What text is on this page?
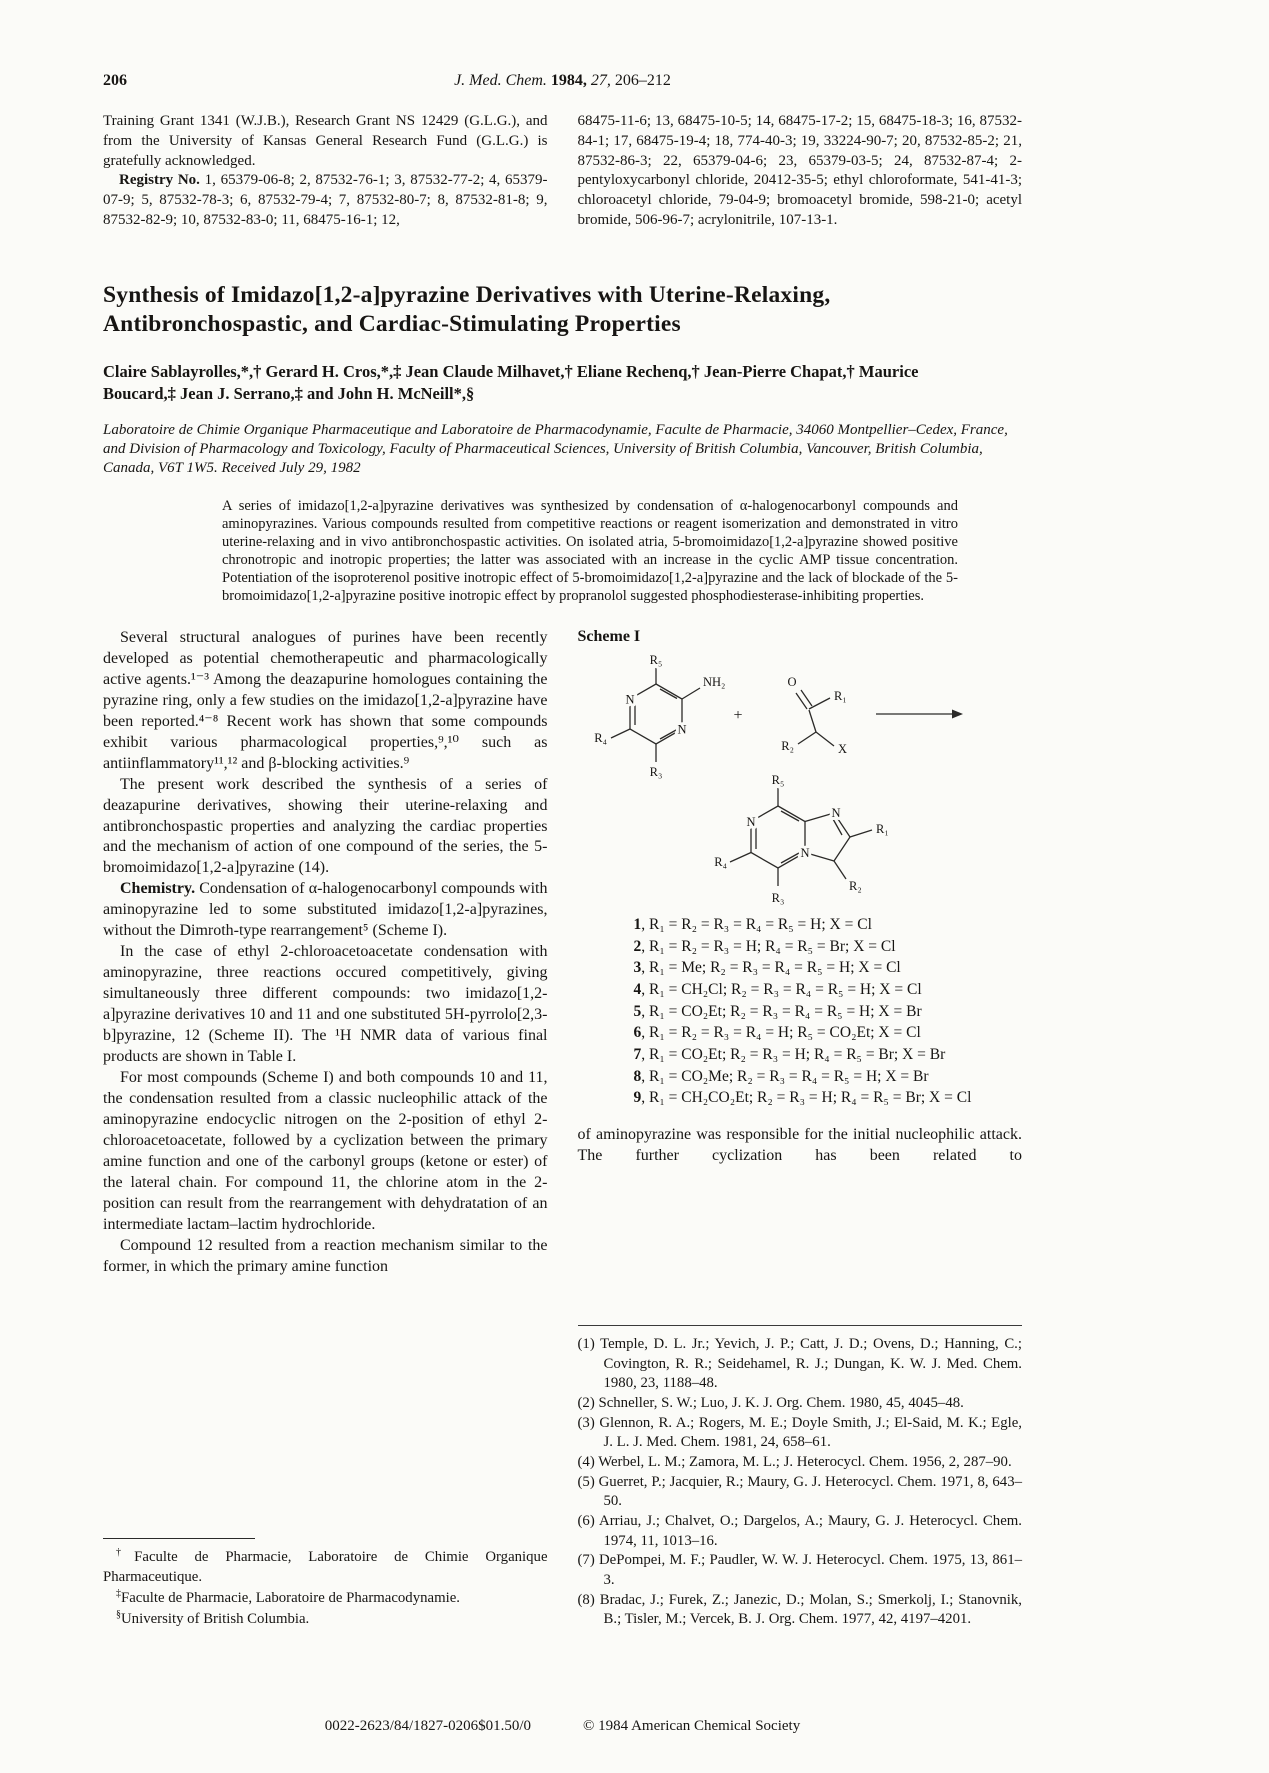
206	J. Med. Chem. 1984, 27, 206–212

Training Grant 1341 (W.J.B.), Research Grant NS 12429 (G.L.G.), and from the University of Kansas General Research Fund (G.L.G.) is gratefully acknowledged.

Registry No. 1, 65379-06-8; 2, 87532-76-1; 3, 87532-77-2; 4, 65379-07-9; 5, 87532-78-3; 6, 87532-79-4; 7, 87532-80-7; 8, 87532-81-8; 9, 87532-82-9; 10, 87532-83-0; 11, 68475-16-1; 12,

68475-11-6; 13, 68475-10-5; 14, 68475-17-2; 15, 68475-18-3; 16, 87532-84-1; 17, 68475-19-4; 18, 774-40-3; 19, 33224-90-7; 20, 87532-85-2; 21, 87532-86-3; 22, 65379-04-6; 23, 65379-03-5; 24, 87532-87-4; 2-pentyloxycarbonyl chloride, 20412-35-5; ethyl chloroformate, 541-41-3; chloroacetyl chloride, 79-04-9; bromoacetyl bromide, 598-21-0; acetyl bromide, 506-96-7; acrylonitrile, 107-13-1.

Synthesis of Imidazo[1,2-a]pyrazine Derivatives with Uterine-Relaxing, Antibronchospastic, and Cardiac-Stimulating Properties
Claire Sablayrolles,*,† Gerard H. Cros,*,‡ Jean Claude Milhavet,† Eliane Rechenq,† Jean-Pierre Chapat,† Maurice Boucard,‡ Jean J. Serrano,‡ and John H. McNeill*,§
Laboratoire de Chimie Organique Pharmaceutique and Laboratoire de Pharmacodynamie, Faculte de Pharmacie, 34060 Montpellier–Cedex, France, and Division of Pharmacology and Toxicology, Faculty of Pharmaceutical Sciences, University of British Columbia, Vancouver, British Columbia, Canada, V6T 1W5. Received July 29, 1982
A series of imidazo[1,2-a]pyrazine derivatives was synthesized by condensation of α-halogenocarbonyl compounds and aminopyrazines. Various compounds resulted from competitive reactions or reagent isomerization and demonstrated in vitro uterine-relaxing and in vivo antibronchospastic activities. On isolated atria, 5-bromoimidazo[1,2-a]pyrazine showed positive chronotropic and inotropic properties; the latter was associated with an increase in the cyclic AMP tissue concentration. Potentiation of the isoproterenol positive inotropic effect of 5-bromoimidazo[1,2-a]pyrazine and the lack of blockade of the 5-bromoimidazo[1,2-a]pyrazine positive inotropic effect by propranolol suggested phosphodiesterase-inhibiting properties.

Several structural analogues of purines have been recently developed as potential chemotherapeutic and pharmacologically active agents.¹⁻³ Among the deazapurine homologues containing the pyrazine ring, only a few studies on the imidazo[1,2-a]pyrazine have been reported.⁴⁻⁸ Recent work has shown that some compounds exhibit various pharmacological properties,⁹,¹⁰ such as antiinflammatory¹¹,¹² and β-blocking activities.⁹

The present work described the synthesis of a series of deazapurine derivatives, showing their uterine-relaxing and antibronchospastic properties and analyzing the cardiac properties and the mechanism of action of one compound of the series, the 5-bromoimidazo[1,2-a]pyrazine (14).

Chemistry. Condensation of α-halogenocarbonyl compounds with aminopyrazine led to some substituted imidazo[1,2-a]pyrazines, without the Dimroth-type rearrangement⁵ (Scheme I).

In the case of ethyl 2-chloroacetoacetate condensation with aminopyrazine, three reactions occured competitively, giving simultaneously three different compounds: two imidazo[1,2-a]pyrazine derivatives 10 and 11 and one substituted 5H-pyrrolo[2,3-b]pyrazine, 12 (Scheme II). The ¹H NMR data of various final products are shown in Table I.

For most compounds (Scheme I) and both compounds 10 and 11, the condensation resulted from a classic nucleophilic attack of the aminopyrazine endocyclic nitrogen on the 2-position of ethyl 2-chloroacetoacetate, followed by a cyclization between the primary amine function and one of the carbonyl groups (ketone or ester) of the lateral chain. For compound 11, the chlorine atom in the 2-position can result from the rearrangement with dehydratation of an intermediate lactam–lactim hydrochloride.

Compound 12 resulted from a reaction mechanism similar to the former, in which the primary amine function

†Faculte de Pharmacie, Laboratoire de Chimie Organique Pharmaceutique.

‡Faculte de Pharmacie, Laboratoire de Pharmacodynamie.

§University of British Columbia.

Scheme I
N
N
R₅
NH₂
R₄
R₃
+
O
R₁
R₂	X
N
N
N
R₅
R₁
R₂
R₃
R₄
1, R₁ = R₂ = R₃ = R₄ = R₅ = H; X = Cl
2, R₁ = R₂ = R₃ = H; R₄ = R₅ = Br; X = Cl
3, R₁ = Me; R₂ = R₃ = R₄ = R₅ = H; X = Cl
4, R₁ = CH₂Cl; R₂ = R₃ = R₄ = R₅ = H; X = Cl
5, R₁ = CO₂Et; R₂ = R₃ = R₄ = R₅ = H; X = Br
6, R₁ = R₂ = R₃ = R₄ = H; R₅ = CO₂Et; X = Cl
7, R₁ = CO₂Et; R₂ = R₃ = H; R₄ = R₅ = Br; X = Br
8, R₁ = CO₂Me; R₂ = R₃ = R₄ = R₅ = H; X = Br
9, R₁ = CH₂CO₂Et; R₂ = R₃ = H; R₄ = R₅ = Br; X = Cl

of aminopyrazine was responsible for the initial nucleophilic attack. The further cyclization has been related to

(1) Temple, D. L. Jr.; Yevich, J. P.; Catt, J. D.; Ovens, D.; Hanning, C.; Covington, R. R.; Seidehamel, R. J.; Dungan, K. W. J. Med. Chem. 1980, 23, 1188–48.
(2) Schneller, S. W.; Luo, J. K. J. Org. Chem. 1980, 45, 4045–48.
(3) Glennon, R. A.; Rogers, M. E.; Doyle Smith, J.; El-Said, M. K.; Egle, J. L. J. Med. Chem. 1981, 24, 658–61.
(4) Werbel, L. M.; Zamora, M. L.; J. Heterocycl. Chem. 1956, 2, 287–90.
(5) Guerret, P.; Jacquier, R.; Maury, G. J. Heterocycl. Chem. 1971, 8, 643–50.
(6) Arriau, J.; Chalvet, O.; Dargelos, A.; Maury, G. J. Heterocycl. Chem. 1974, 11, 1013–16.
(7) DePompei, M. F.; Paudler, W. W. J. Heterocycl. Chem. 1975, 13, 861–3.
(8) Bradac, J.; Furek, Z.; Janezic, D.; Molan, S.; Smerkolj, I.; Stanovnik, B.; Tisler, M.; Vercek, B. J. Org. Chem. 1977, 42, 4197–4201.
0022-2623/84/1827-0206$01.50/0	© 1984 American Chemical Society
